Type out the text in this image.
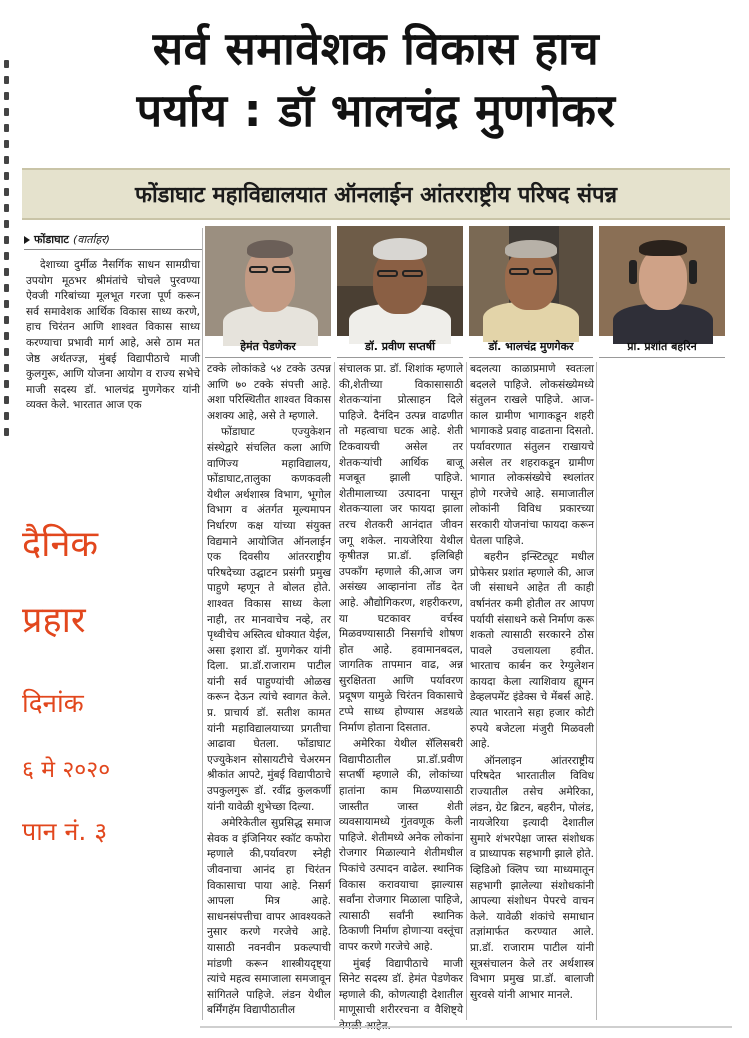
सर्व समावेशक विकास हाच
पर्याय : डॉ भालचंद्र मुणगेकर
फोंडाघाट महाविद्यालयात ऑनलाईन आंतरराष्ट्रीय परिषद संपन्न
फोंडाघाट (वार्ताहर)
हेमंत पेडणेकर	डॉ. प्रवीण सप्तर्षी	डॉ. भालचंद्र मुणगेकर	प्रा. प्रशांत बहरिन

देशाच्या दुर्मीळ नैसर्गिक साधन सामग्रीचा उपयोग मूठभर श्रीमंतांचे चोचले पुरवण्या ऐवजी गरिबांच्या मूलभूत गरजा पूर्ण करून सर्व समावेशक आर्थिक विकास साध्य करणे, हाच चिरंतन आणि शाश्वत विकास साध्य करण्याचा प्रभावी मार्ग आहे, असे ठाम मत जेष्ठ अर्थतज्ज्ञ, मुंबई विद्यापीठाचे माजी कुलगुरू, आणि योजना आयोग व राज्य सभेचे माजी सदस्य डॉ. भालचंद्र मुणगेकर यांनी व्यक्त केले. भारतात आज एक

दैनिक
प्रहार
दिनांक
६ मे २०२०
पान नं. ३

टक्के लोकांकडे ५४ टक्के उत्पन्न आणि ७० टक्के संपत्ती आहे. अशा परिस्थितीत शाश्वत विकास अशक्य आहे, असे ते म्हणाले.

फोंडाघाट एज्युकेशन संस्थेद्वारे संचलित कला आणि वाणिज्य महाविद्यालय, फोंडाघाट,तालुका कणकवली येथील अर्थशास्त्र विभाग, भूगोल विभाग व अंतर्गत मूल्यमापन निर्धारण कक्ष यांच्या संयुक्त विद्यमाने आयोजित ऑनलाईन एक दिवसीय आंतरराष्ट्रीय परिषदेच्या उद्घाटन प्रसंगी प्रमुख पाहुणे म्हणून ते बोलत होते. शाश्वत विकास साध्य केला नाही, तर मानवाचेच नव्हे, तर पृथ्वीचेच अस्तित्व धोक्यात येईल, असा इशारा डॉ. मुणगेकर यांनी दिला. प्रा.डॉ.राजाराम पाटील यांनी सर्व पाहुण्यांची ओळख करून देऊन त्यांचे स्वागत केले. प्र. प्राचार्य डॉ. सतीश कामत यांनी महाविद्यालयाच्या प्रगतीचा आढावा घेतला. फोंडाघाट एज्युकेशन सोसायटीचे चेअरमन श्रीकांत आपटे, मुंबई विद्यापीठाचे उपकुलगुरू डॉ. रवींद्र कुलकर्णी यांनी यावेळी शुभेच्छा दिल्या.

अमेरिकेतील सुप्रसिद्ध समाज सेवक व इंजिनियर स्कॉट कफोरा म्हणाले की,पर्यावरण स्नेही जीवनाचा आनंद हा चिरंतन विकासाचा पाया आहे. निसर्ग आपला मित्र आहे. साधनसंपत्तीचा वापर आवश्यकते नुसार करणे गरजेचे आहे. यासाठी नवनवीन प्रकल्पाची मांडणी करून शास्त्रीयदृष्ट्या त्यांचे महत्व समाजाला समजावून सांगितले पाहिजे. लंडन येथील बर्मिंगहॅम विद्यापीठातील

संचालक प्रा. डॉ. शिशांक म्हणाले की,शेतीच्या विकासासाठी शेतकऱ्यांना प्रोत्साहन दिले पाहिजे. दैनंदिन उत्पन्न वाढणीत तो महत्वाचा घटक आहे. शेती टिकवायची असेल तर शेतकऱ्यांची आर्थिक बाजू मजबूत झाली पाहिजे. शेतीमालाच्या उत्पादना पासून शेतकऱ्याला जर फायदा झाला तरच शेतकरी आनंदात जीवन जगू शकेल. नायजेरिया येथील कृषीतज्ञ प्रा.डॉ. इलिबिही उपकॉंग म्हणाले की,आज जग असंख्य आव्हानांना तोंड देत आहे. औद्योगिकरण, शहरीकरण, या घटकावर वर्चस्व मिळवण्यासाठी निसर्गाचे शोषण होत आहे. हवामानबदल, जागतिक तापमान वाढ, अन्न सुरक्षितता आणि पर्यावरण प्रदूषण यामुळे चिरंतन विकासाचे टप्पे साध्य होण्यास अडथळे निर्माण होताना दिसतात.

अमेरिका येथील सॅलिसबरी विद्यापीठातील प्रा.डॉ.प्रवीण सप्तर्षी म्हणाले की, लोकांच्या हातांना काम मिळण्यासाठी जास्तीत जास्त शेती व्यवसायामध्ये गुंतवणूक केली पाहिजे. शेतीमध्ये अनेक लोकांना रोजगार मिळाल्याने शेतीमधील पिकांचे उत्पादन वाढेल. स्थानिक विकास करावयाचा झाल्यास सर्वांना रोजगार मिळाला पाहिजे, त्यासाठी सर्वांनी स्थानिक ठिकाणी निर्माण होणाऱ्या वस्तूंचा वापर करणे गरजेचे आहे.

मुंबई विद्यापीठाचे माजी सिनेट सदस्य डॉ. हेमंत पेडणेकर म्हणाले की, कोणत्याही देशातील माणूसाची शरीररचना व वैशिष्ट्ये

बदलत्या काळाप्रमाणे स्वतःला बदलले पाहिजे. लोकसंख्येमध्ये संतुलन राखले पाहिजे. आज-काल ग्रामीण भागाकडून शहरी भागाकडे प्रवाह वाढताना दिसतो. पर्यावरणात संतुलन राखायचे असेल तर शहराकडून ग्रामीण भागात लोकसंख्येचे स्थलांतर होणे गरजेचे आहे. समाजातील लोकांनी विविध प्रकारच्या सरकारी योजनांचा फायदा करून घेतला पाहिजे.

बहरीन इन्स्टिट्यूट मधील प्रोफेसर प्रशांत म्हणाले की, आज जी संसाधने आहेत ती काही वर्षानंतर कमी होतील तर आपण पर्यायी संसाधने कसे निर्माण करू शकतो त्यासाठी सरकारने ठोस पावले उचलायला हवीत. भारताच कार्बन कर रेग्युलेशन कायदा केला त्याशिवाय ह्यूमन डेव्हलपमेंट इंडेक्स चे मेंबर्स आहे. त्यात भारताने सहा हजार कोटी रुपये बजेटला मंजुरी मिळवली आहे.

ऑनलाइन आंतरराष्ट्रीय परिषदेत भारतातील विविध राज्यातील तसेच अमेरिका, लंडन, ग्रेट ब्रिटन, बहरीन, पोलंड, नायजेरिया इत्यादी देशातील सुमारे शंभरपेक्षा जास्त संशोधक व प्राध्यापक सहभागी झाले होते. व्हिडिओ क्लिप च्या माध्यमातून सहभागी झालेल्या संशोधकांनी आपल्या संशोधन पेपरचे वाचन केले. यावेळी शंकांचे समाधान तज्ञांमार्फत करण्यात आले. प्रा.डॉ. राजाराम पाटील यांनी सूत्रसंचालन केले तर अर्थशास्त्र विभाग प्रमुख प्रा.डॉ. बालाजी सुरवसे यांनी आभार मानले.
